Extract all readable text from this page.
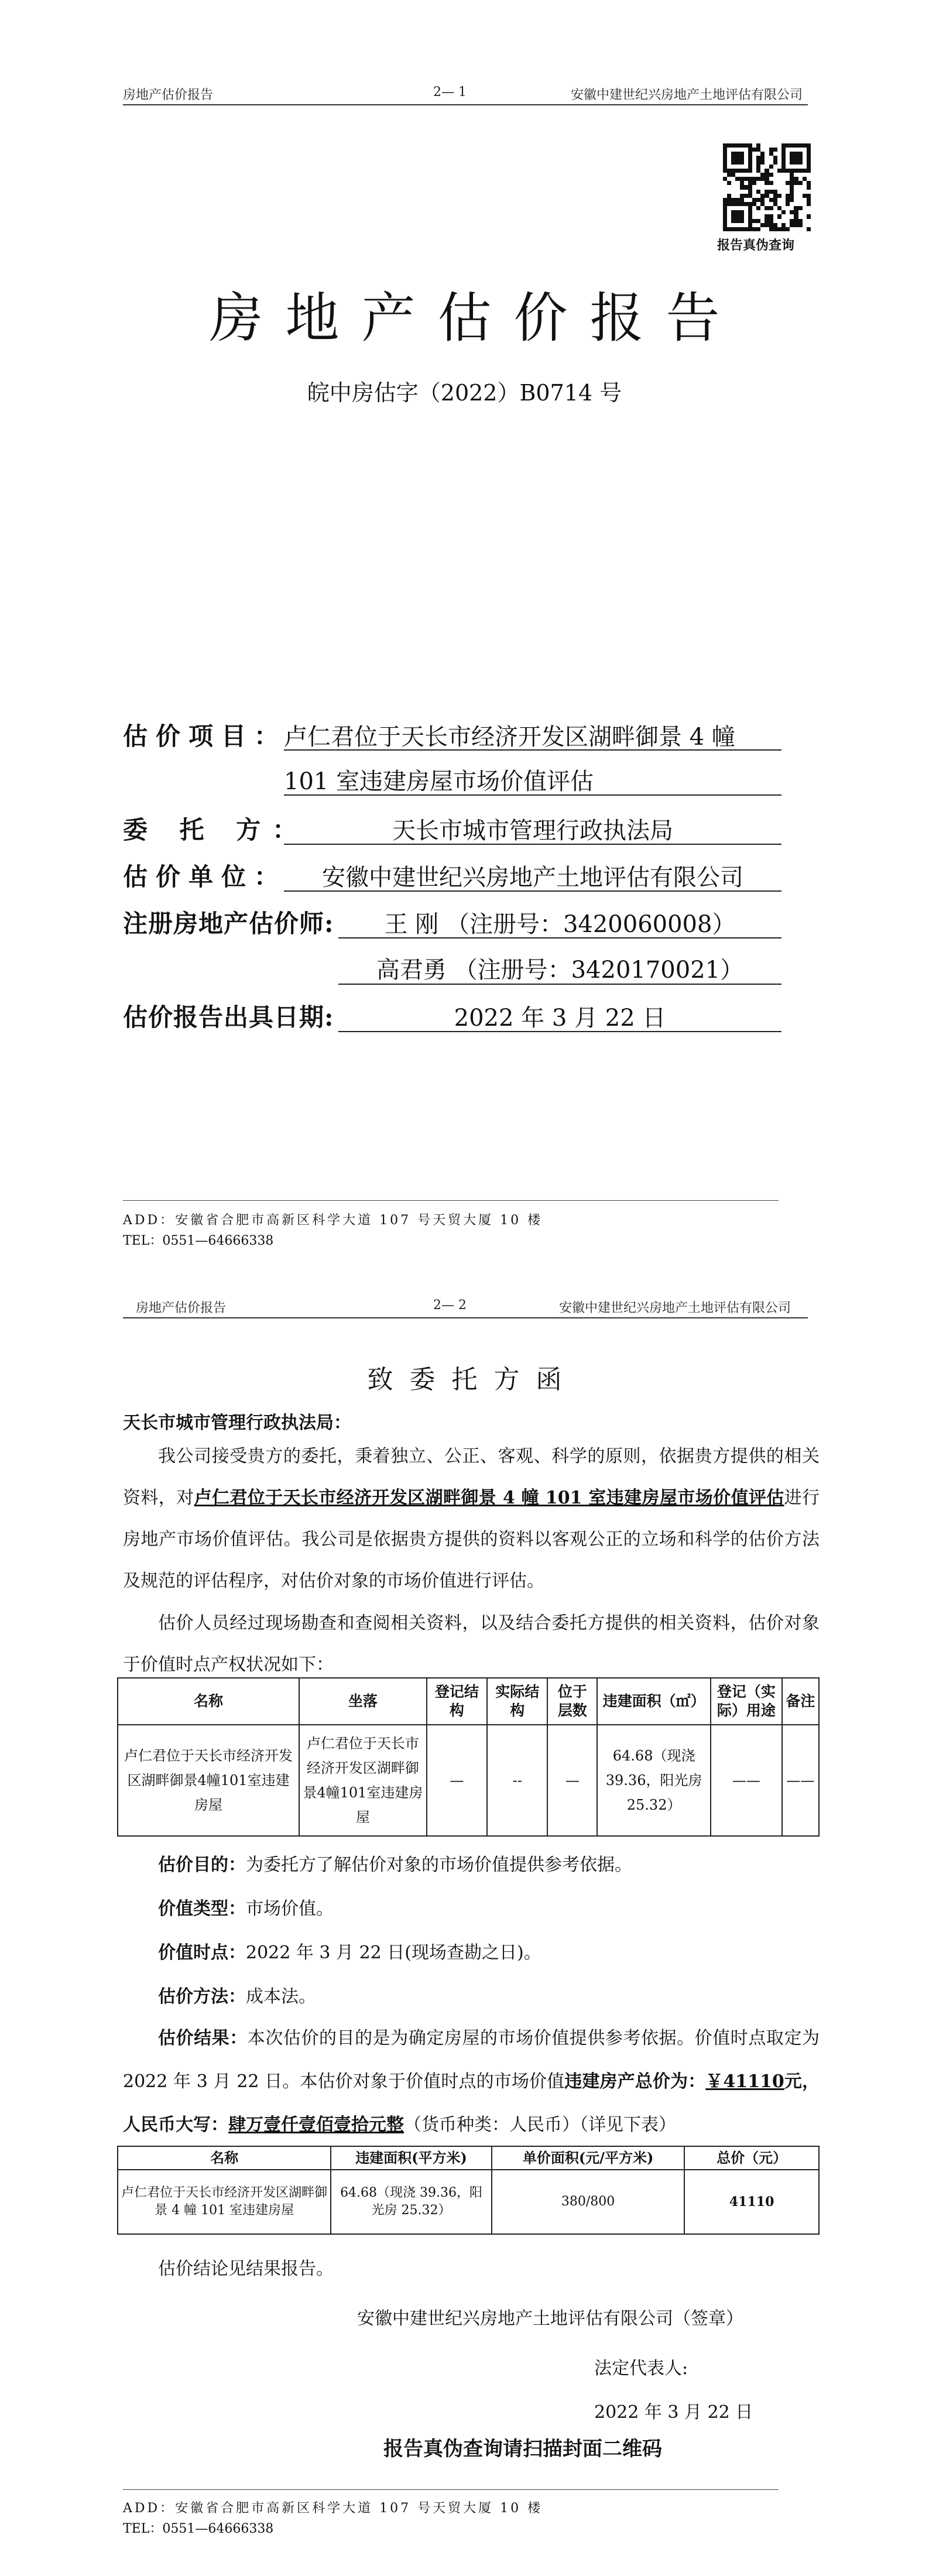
房地产估价报告	2— 1	安徽中建世纪兴房地产土地评估有限公司
报告真伪查询
房地产估价报告
皖中房估字（2022）B0714 号
估价项目：
卢仁君位于天长市经济开发区湖畔御景 4 幢
101 室违建房屋市场价值评估
委 托 方：	天长市城市管理行政执法局
估价单位：	安徽中建世纪兴房地产土地评估有限公司
注册房地产估价师:	王 刚 （注册号：3420060008）
高君勇 （注册号：3420170021）
估价报告出具日期:	2022 年 3 月 22 日
ADD：安徽省合肥市高新区科学大道 107 号天贸大厦 10 楼
TEL：0551—64666338
房地产估价报告	2— 2	安徽中建世纪兴房地产土地评估有限公司
致委托方函
天长市城市管理行政执法局：

我公司接受贵方的委托，秉着独立、公正、客观、科学的原则，依据贵方提供的相关资料，对卢仁君位于天长市经济开发区湖畔御景 4 幢 101 室违建房屋市场价值评估进行房地产市场价值评估。我公司是依据贵方提供的资料以客观公正的立场和科学的估价方法及规范的评估程序，对估价对象的市场价值进行评估。

估价人员经过现场勘查和查阅相关资料，以及结合委托方提供的相关资料，估价对象于价值时点产权状况如下：

名称	坐落	登记结构	实际结构	位于层数	违建面积（㎡）	登记（实际）用途	备注
卢仁君位于天长市经济开发区湖畔御景4幢101室违建房屋	卢仁君位于天长市经济开发区湖畔御景4幢101室违建房屋	—	--	—	64.68（现浇39.36，阳光房25.32）	——	——
估价目的：为委托方了解估价对象的市场价值提供参考依据。
价值类型：市场价值。
价值时点：2022 年 3 月 22 日(现场查勘之日)。
估价方法：成本法。

估价结果：本次估价的目的是为确定房屋的市场价值提供参考依据。价值时点取定为 2022 年 3 月 22 日。本估价对象于价值时点的市场价值违建房产总价为：￥41110元，人民币大写：肆万壹仟壹佰壹拾元整（货币种类：人民币）（详见下表）

名称	违建面积(平方米)	单价面积(元/平方米)	总价（元）
卢仁君位于天长市经济开发区湖畔御景 4 幢 101 室违建房屋	64.68（现浇 39.36，阳光房 25.32）	380/800	41110
估价结论见结果报告。
安徽中建世纪兴房地产土地评估有限公司（签章）
法定代表人:
2022 年 3 月 22 日
报告真伪查询请扫描封面二维码
ADD：安徽省合肥市高新区科学大道 107 号天贸大厦 10 楼
TEL：0551—64666338
